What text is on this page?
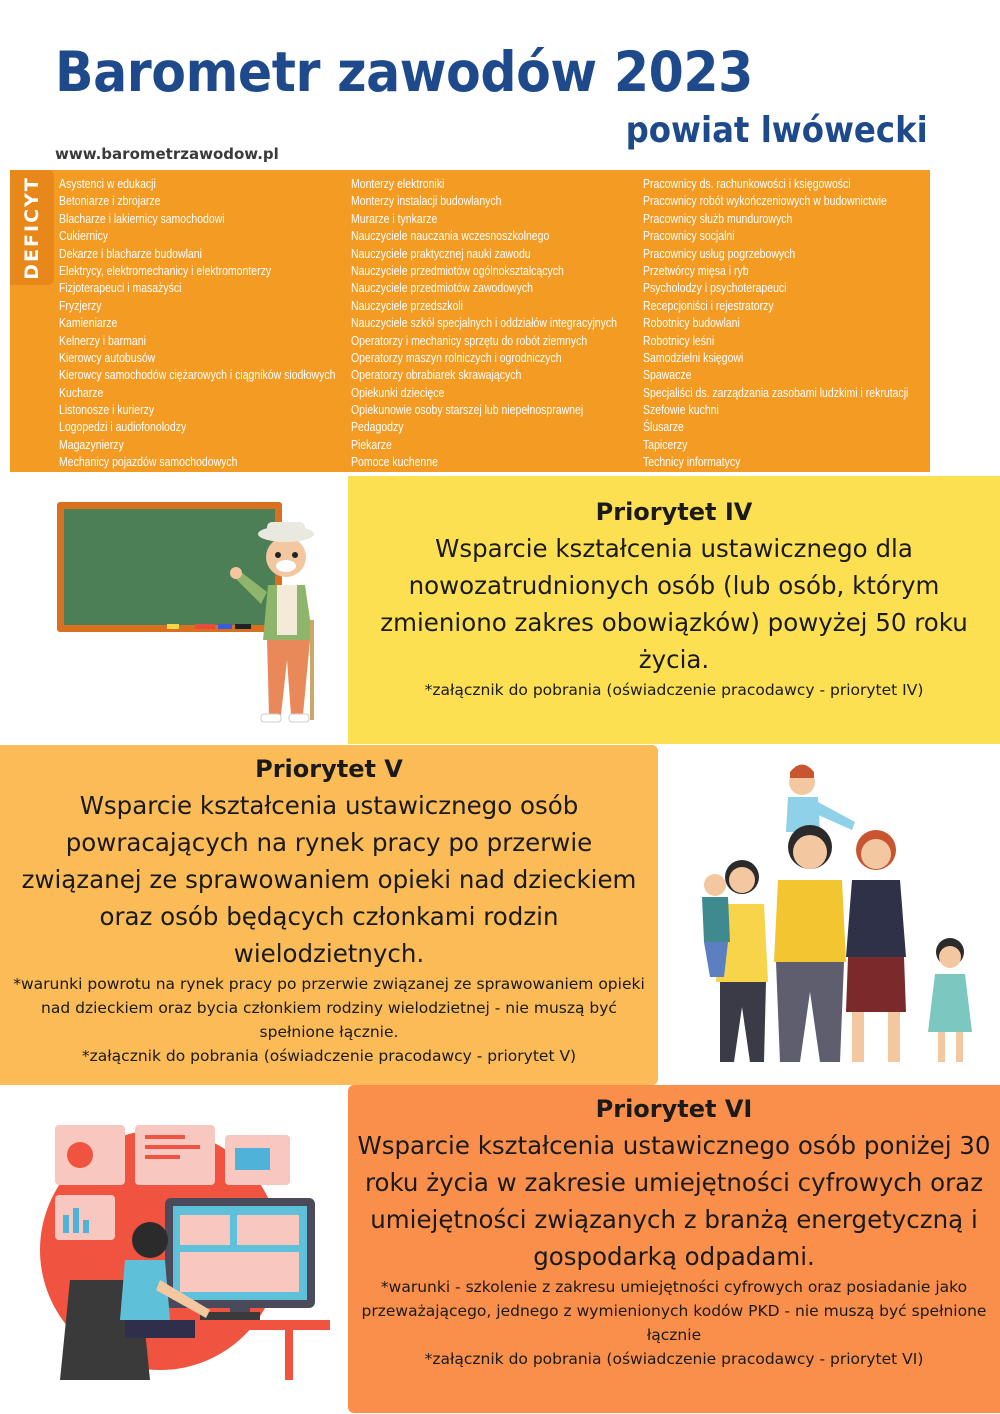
Barometr zawodów 2023
powiat lwówecki
www.barometrzawodow.pl
DEFICYT Asystenci w edukacji
Betoniarze i zbrojarze
Blacharze i lakiernicy samochodowi
Cukiernicy
Dekarze i blacharze budowlani
Elektrycy, elektromechanicy i elektromonterzy
Fizjoterapeuci i masażyści
Fryzjerzy
Kamieniarze
Kelnerzy i barmani
Kierowcy autobusów
Kierowcy samochodów ciężarowych i ciągników siodłowych
Kucharze
Listonosze i kurierzy
Logopedzi i audiofonolodzy
Magazynierzy
Mechanicy pojazdów samochodowych
Monterzy elektroniki
Monterzy instalacji budowlanych
Murarze i tynkarze
Nauczyciele nauczania wczesnoszkolnego
Nauczyciele praktycznej nauki zawodu
Nauczyciele przedmiotów ogólnokształcących
Nauczyciele przedmiotów zawodowych
Nauczyciele przedszkoli
Nauczyciele szkół specjalnych i oddziałów integracyjnych
Operatorzy i mechanicy sprzętu do robót ziemnych
Operatorzy maszyn rolniczych i ogrodniczych
Operatorzy obrabiarek skrawających
Opiekunki dziecięce
Opiekunowie osoby starszej lub niepełnosprawnej
Pedagodzy
Piekarze
Pomoce kuchenne
Pracownicy ds. rachunkowości i księgowości
Pracownicy robót wykończeniowych w budownictwie
Pracownicy służb mundurowych
Pracownicy socjalni
Pracownicy usług pogrzebowych
Przetwórcy mięsa i ryb
Psycholodzy i psychoterapeuci
Recepcjoniści i rejestratorzy
Robotnicy budowlani
Robotnicy leśni
Samodzielni księgowi
Spawacze
Specjaliści ds. zarządzania zasobami ludzkimi i rekrutacji
Szefowie kuchni
Ślusarze
Tapicerzy
Technicy informatycy
Priorytet IV

Wsparcie kształcenia ustawicznego dla nowozatrudnionych osób (lub osób, którym zmieniono zakres obowiązków) powyżej 50 roku życia.

*załącznik do pobrania (oświadczenie pracodawcy - priorytet IV)

Priorytet V

Wsparcie kształcenia ustawicznego osób powracających na rynek pracy po przerwie związanej ze sprawowaniem opieki nad dzieckiem oraz osób będących członkami rodzin wielodzietnych.

*warunki powrotu na rynek pracy po przerwie związanej ze sprawowaniem opieki nad dzieckiem oraz bycia członkiem rodziny wielodzietnej - nie muszą być spełnione łącznie.

*załącznik do pobrania (oświadczenie pracodawcy - priorytet V)

Priorytet VI

Wsparcie kształcenia ustawicznego osób poniżej 30 roku życia w zakresie umiejętności cyfrowych oraz umiejętności związanych z branżą energetyczną i gospodarką odpadami.

*warunki - szkolenie z zakresu umiejętności cyfrowych oraz posiadanie jako przeważającego, jednego z wymienionych kodów PKD - nie muszą być spełnione łącznie

*załącznik do pobrania (oświadczenie pracodawcy - priorytet VI)
